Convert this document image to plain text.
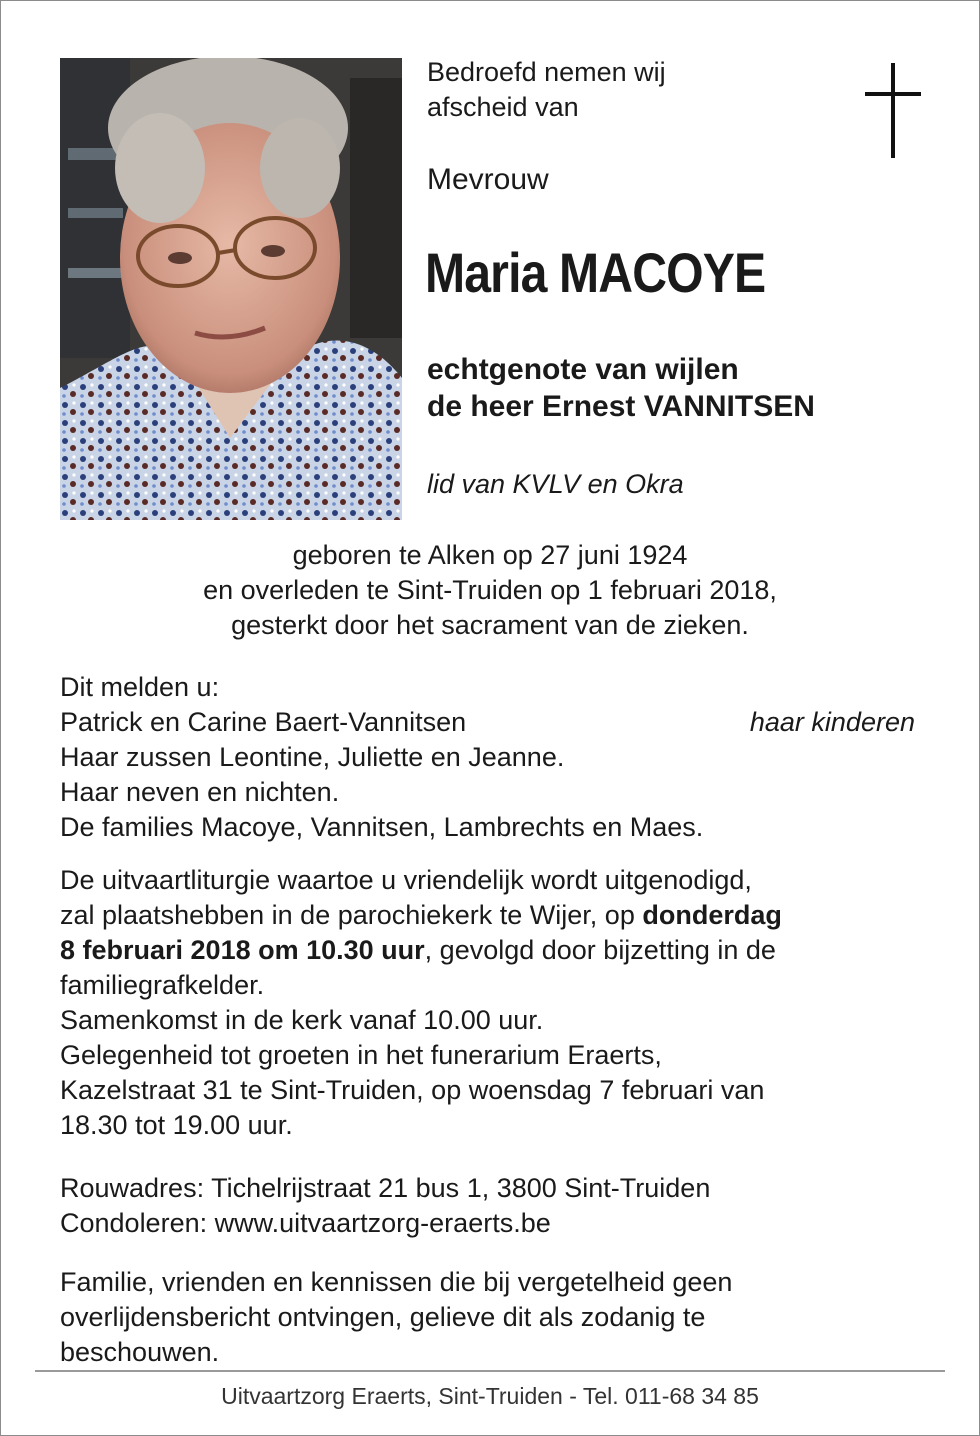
Bedroefd nemen wij
afscheid van
Mevrouw
Maria MACOYE
echtgenote van wijlen
de heer Ernest VANNITSEN
lid van KVLV en Okra
geboren te Alken op 27 juni 1924
en overleden te Sint-Truiden op 1 februari 2018,
gesterkt door het sacrament van de zieken.
Dit melden u:
Patrick en Carine Baert-Vannitsen	haar kinderen
Haar zussen Leontine, Juliette en Jeanne.
Haar neven en nichten.
De families Macoye, Vannitsen, Lambrechts en Maes.
De uitvaartliturgie waartoe u vriendelijk wordt uitgenodigd,
zal plaatshebben in de parochiekerk te Wijer, op donderdag
8 februari 2018 om 10.30 uur, gevolgd door bijzetting in de
familiegrafkelder.
Samenkomst in de kerk vanaf 10.00 uur.
Gelegenheid tot groeten in het funerarium Eraerts,
Kazelstraat 31 te Sint-Truiden, op woensdag 7 februari van
18.30 tot 19.00 uur.
Rouwadres: Tichelrijstraat 21 bus 1, 3800 Sint-Truiden
Condoleren: www.uitvaartzorg-eraerts.be
Familie, vrienden en kennissen die bij vergetelheid geen
overlijdensbericht ontvingen, gelieve dit als zodanig te
beschouwen.
Uitvaartzorg Eraerts, Sint-Truiden - Tel. 011-68 34 85
